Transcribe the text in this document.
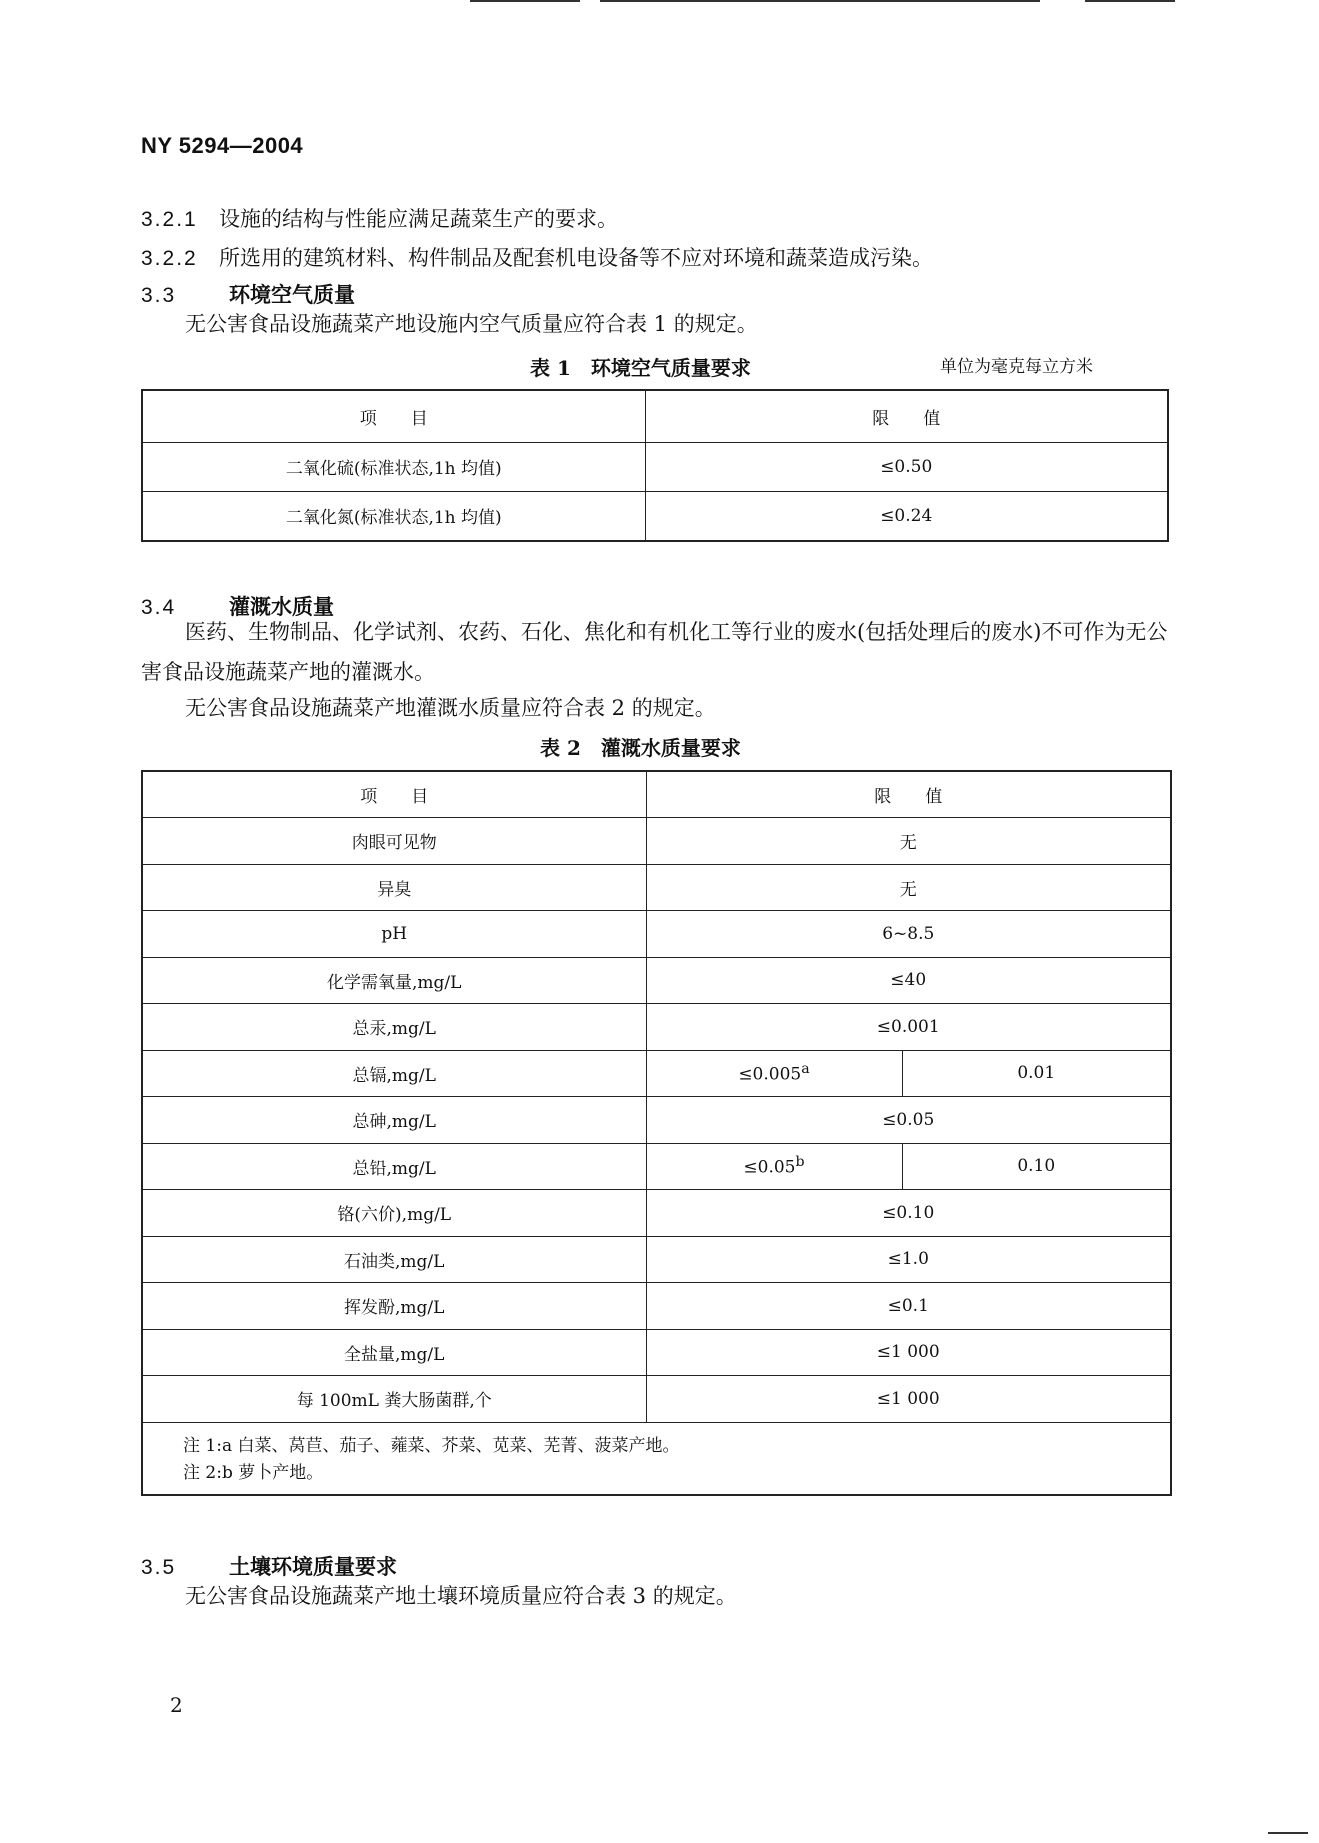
NY 5294—2004
3.2.1 设施的结构与性能应满足蔬菜生产的要求。
3.2.2 所选用的建筑材料、构件制品及配套机电设备等不应对环境和蔬菜造成污染。
3.3	环境空气质量
无公害食品设施蔬菜产地设施内空气质量应符合表 1 的规定。
表 1　环境空气质量要求	单位为毫克每立方米
项　　目	限　　值
二氧化硫(标准状态,1h 均值)	≤0.50
二氧化氮(标准状态,1h 均值)	≤0.24
3.4	灌溉水质量
医药、生物制品、化学试剂、农药、石化、焦化和有机化工等行业的废水(包括处理后的废水)不可作为无公害食品设施蔬菜产地的灌溉水。
无公害食品设施蔬菜产地灌溉水质量应符合表 2 的规定。
表 2　灌溉水质量要求
项　　目	限　　值	
肉眼可见物	无	
异臭	无	
pH	6~8.5	
化学需氧量,mg/L	≤40	
总汞,mg/L	≤0.001	
总镉,mg/L	≤0.005$^a$	0.01
总砷,mg/L	≤0.05	
总铅,mg/L	≤0.05$^b$	0.10
铬(六价),mg/L	≤0.10	
石油类,mg/L	≤1.0	
挥发酚,mg/L	≤0.1	
全盐量,mg/L	≤1 000	
每 100mL 粪大肠菌群,个	≤1 000	

注 1:a 白菜、莴苣、茄子、蕹菜、芥菜、苋菜、芜菁、菠菜产地。
注 2:b 萝卜产地。		
3.5	土壤环境质量要求
无公害食品设施蔬菜产地土壤环境质量应符合表 3 的规定。
2
